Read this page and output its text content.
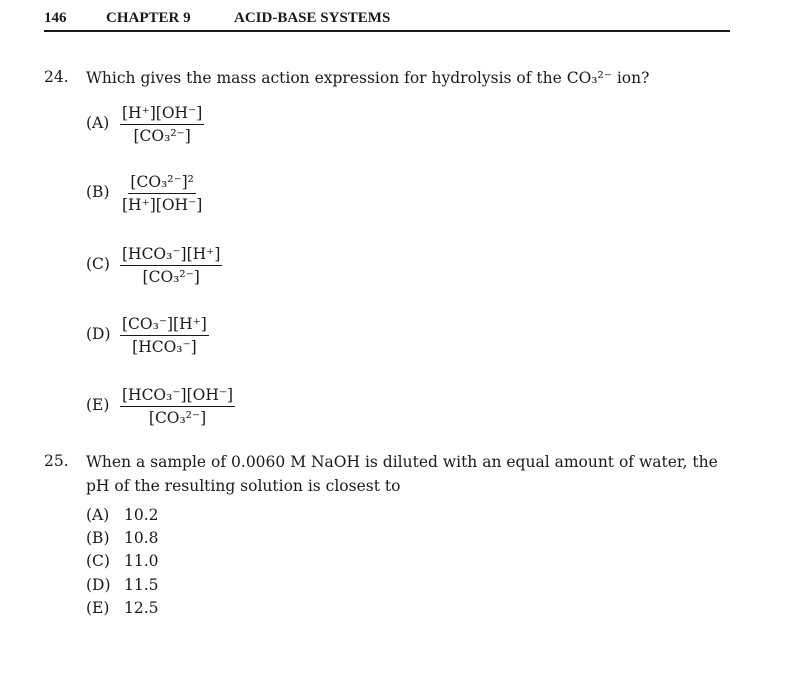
146	CHAPTER 9	ACID-BASE SYSTEMS
24. Which gives the mass action expression for hydrolysis of the CO₃²⁻ ion?
$(A) \frac{[H^+][OH^-]}{\text{[CO₃²⁻]}}$
$(B) \frac{\text{[CO₃²⁻]²}}{[H^+][OH^-]}$
(C)
[HCO₃⁻][H⁺]
[CO₃²⁻]
(D)
[CO₃⁻][H⁺]
[HCO₃⁻]
(E)
[HCO₃⁻][OH⁻]
[CO₃²⁻]
25. When a sample of 0.0060 M NaOH is diluted with an equal amount of water, the
pH of the resulting solution is closest to
(A) 10.2
(B) 10.8
(C) 11.0
(D) 11.5
(E) 12.5
